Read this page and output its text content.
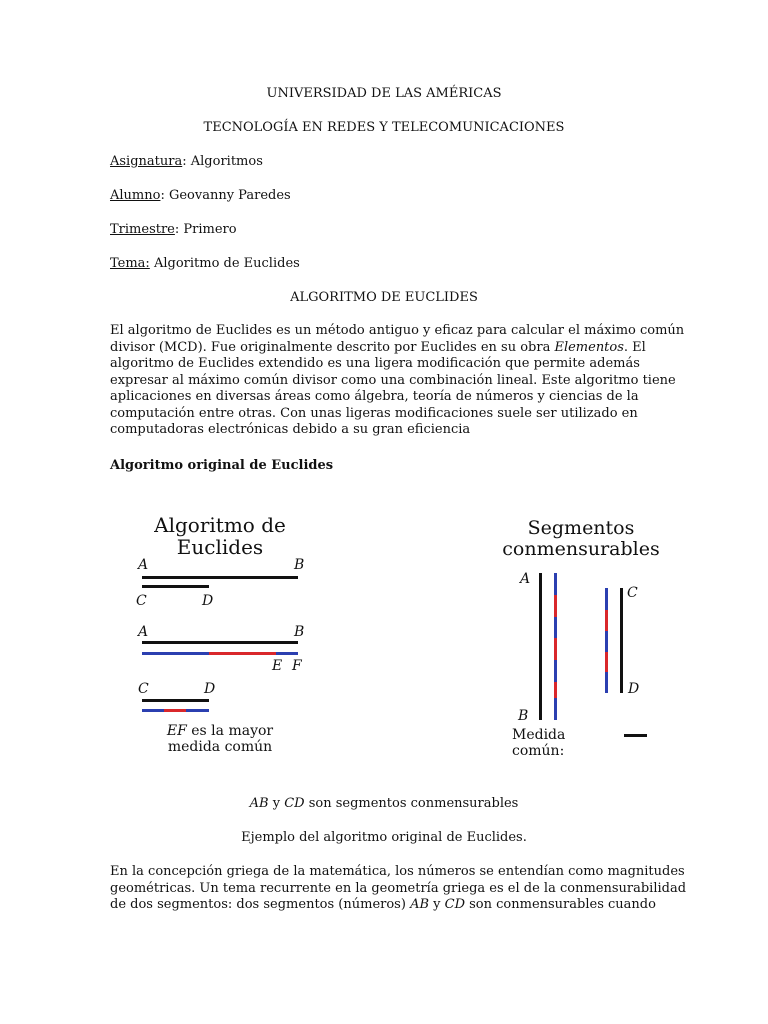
UNIVERSIDAD DE LAS AMÉRICAS
TECNOLOGÍA EN REDES Y TELECOMUNICACIONES
Asignatura: Algoritmos
Alumno: Geovanny Paredes
Trimestre: Primero
Tema: Algoritmo de Euclides
ALGORITMO DE EUCLIDES

El algoritmo de Euclides es un método antiguo y eficaz para calcular el máximo común

divisor (MCD). Fue originalmente descrito por Euclides en su obra Elementos. El

algoritmo de Euclides extendido es una ligera modificación que permite además

expresar al máximo común divisor como una combinación lineal. Este algoritmo tiene

aplicaciones en diversas áreas como álgebra, teoría de números y ciencias de la

computación entre otras. Con unas ligeras modificaciones suele ser utilizado en

computadoras electrónicas debido a su gran eficiencia

Algoritmo original de Euclides
Algoritmo de
Euclides
A	B
C	D
A	B
E F
C	D
EF es la mayor
medida común
Segmentos
conmensurables
A
B
C
D
Medida común:
AB y CD son segmentos conmensurables
Ejemplo del algoritmo original de Euclides.

En la concepción griega de la matemática, los números se entendían como magnitudes

geométricas. Un tema recurrente en la geometría griega es el de la conmensurabilidad

de dos segmentos: dos segmentos (números) AB y CD son conmensurables cuando
